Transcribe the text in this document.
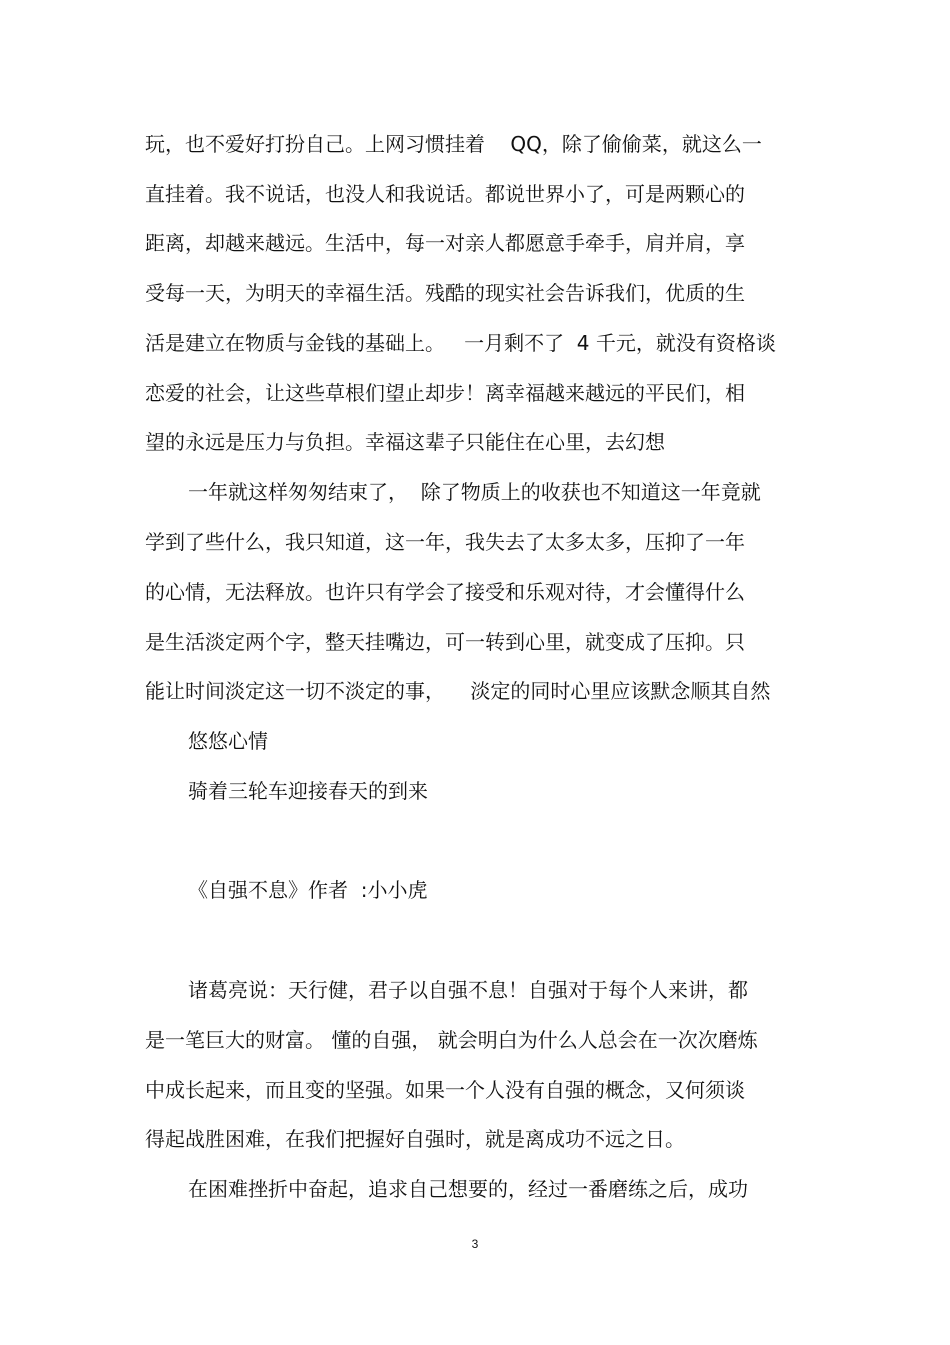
玩，也不爱好打扮自己。上网习惯挂着    QQ，除了偷偷菜，就这么一

直挂着。我不说话，也没人和我说话。都说世界小了，可是两颗心的

距离，却越来越远。生活中，每一对亲人都愿意手牵手，肩并肩，享

受每一天，为明天的幸福生活。残酷的现实社会告诉我们，优质的生

活是建立在物质与金钱的基础上。   一月剩不了  4 千元，就没有资格谈

恋爱的社会，让这些草根们望止却步！离幸福越来越远的平民们，相

望的永远是压力与负担。幸福这辈子只能住在心里，去幻想

一年就这样匆匆结束了，  除了物质上的收获也不知道这一年竟就

学到了些什么，我只知道，这一年，我失去了太多太多，压抑了一年

的心情，无法释放。也许只有学会了接受和乐观对待，才会懂得什么

是生活淡定两个字，整天挂嘴边，可一转到心里，就变成了压抑。只

能让时间淡定这一切不淡定的事，    淡定的同时心里应该默念顺其自然

悠悠心情

骑着三轮车迎接春天的到来

《自强不息》作者  :小小虎

诸葛亮说：天行健，君子以自强不息！自强对于每个人来讲，都

是一笔巨大的财富。 懂的自强， 就会明白为什么人总会在一次次磨炼

中成长起来，而且变的坚强。如果一个人没有自强的概念，又何须谈

得起战胜困难，在我们把握好自强时，就是离成功不远之日。

在困难挫折中奋起，追求自己想要的，经过一番磨练之后，成功

3
